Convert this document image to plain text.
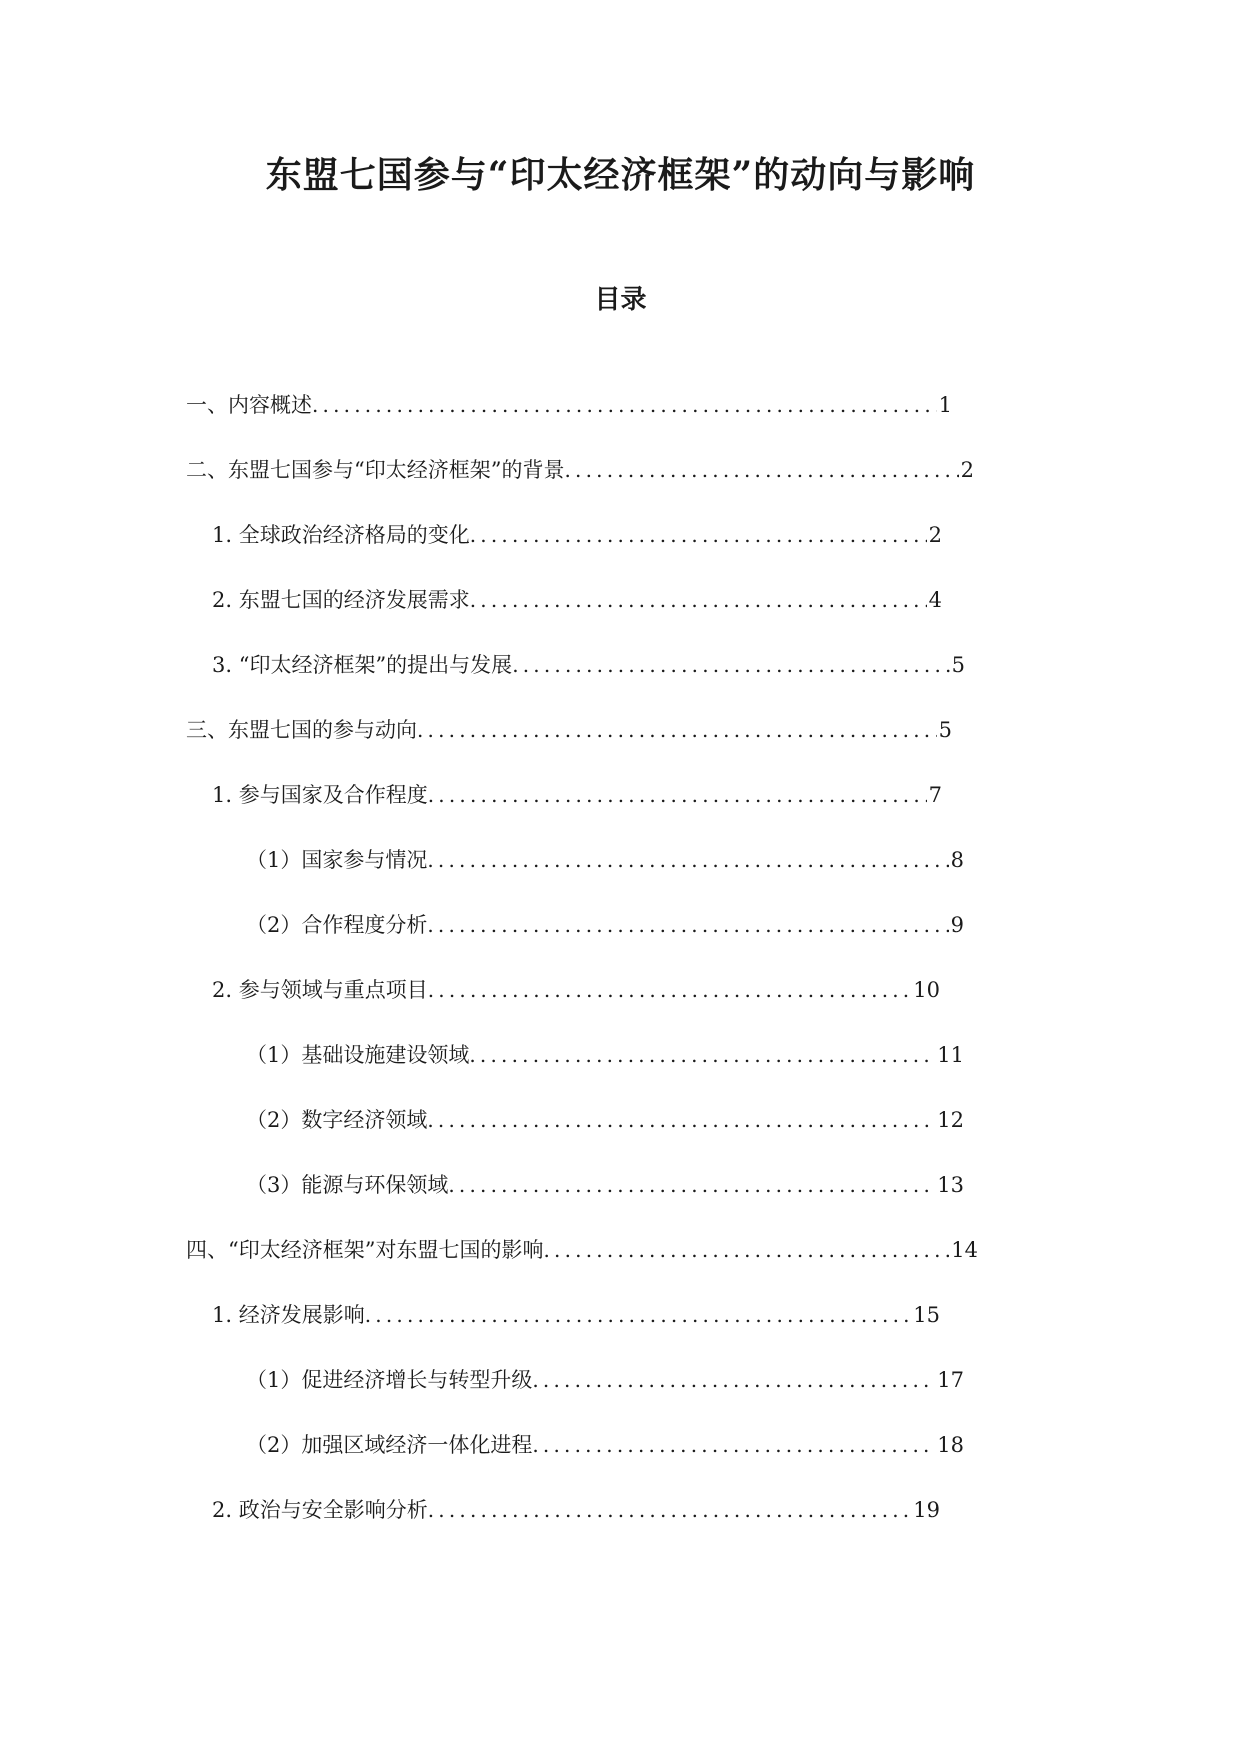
东盟七国参与“印太经济框架”的动向与影响
目录
一、内容概述 .....	1
二、东盟七国参与“印太经济框架”的背景 .....	2
1. 全球政治经济格局的变化 .....	2
2. 东盟七国的经济发展需求 .....	4
3. “印太经济框架”的提出与发展 .....	5
三、东盟七国的参与动向 .....	5
1. 参与国家及合作程度 .....	7
（1）国家参与情况 .....	8
（2）合作程度分析 .....	9
2. 参与领域与重点项目 .....	10
（1）基础设施建设领域 .....	11
（2）数字经济领域 .....	12
（3）能源与环保领域 .....	13
四、“印太经济框架”对东盟七国的影响 .....	14
1. 经济发展影响 .....	15
（1）促进经济增长与转型升级 .....	17
（2）加强区域经济一体化进程 .....	18
2. 政治与安全影响分析 .....	19
